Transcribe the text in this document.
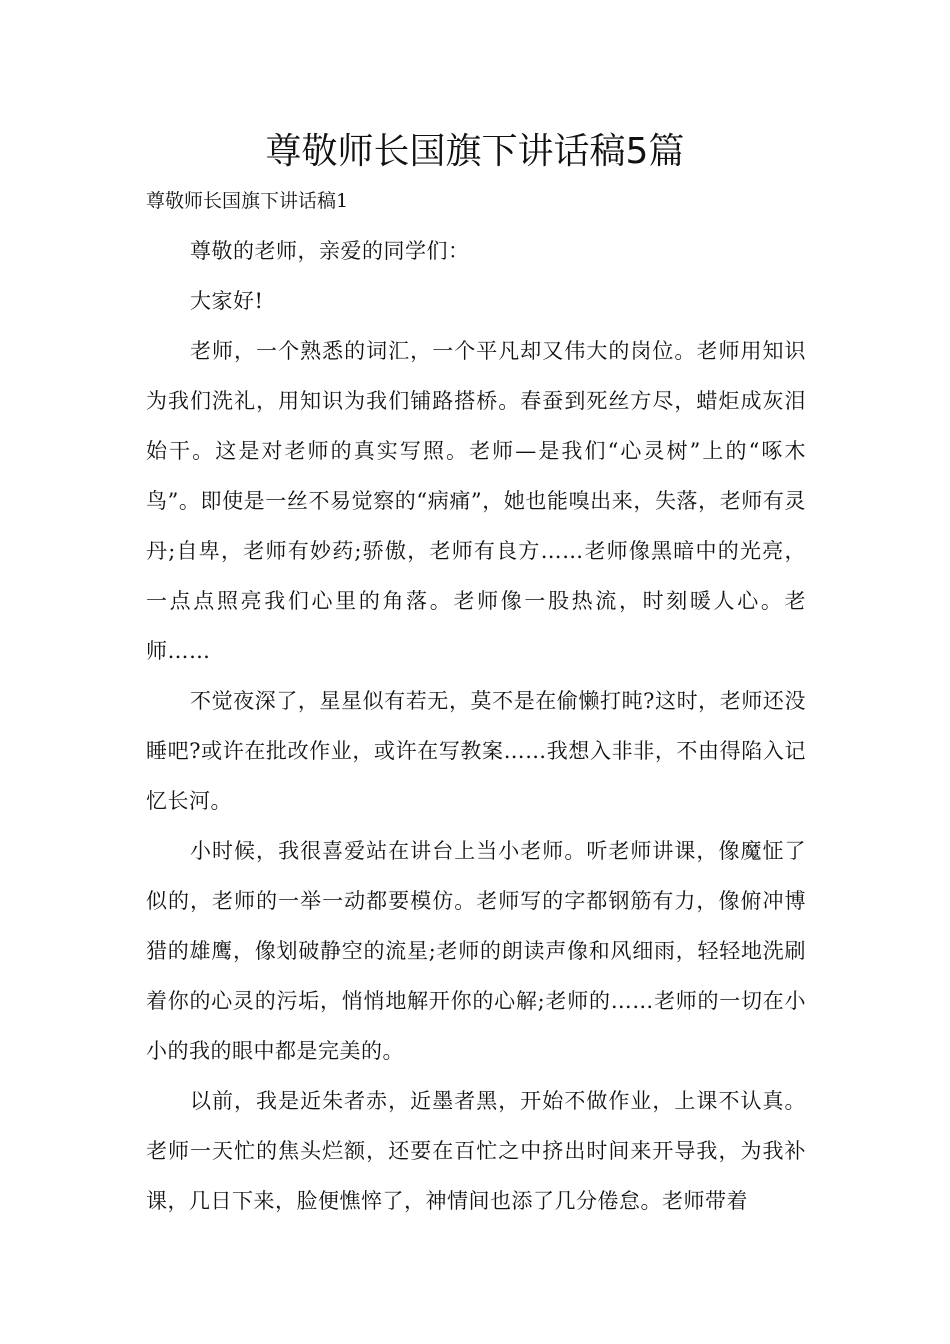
尊敬师长国旗下讲话稿5篇

尊敬师长国旗下讲话稿1

尊敬的老师，亲爱的同学们：

大家好!

老师，一个熟悉的词汇，一个平凡却又伟大的岗位。老师用知识为我们洗礼，用知识为我们铺路搭桥。春蚕到死丝方尽，蜡炬成灰泪始干。这是对老师的真实写照。老师—是我们“心灵树”上的“啄木鸟”。即使是一丝不易觉察的“病痛”，她也能嗅出来，失落，老师有灵丹;自卑，老师有妙药;骄傲，老师有良方……老师像黑暗中的光亮，一点点照亮我们心里的角落。老师像一股热流，时刻暖人心。老师……

不觉夜深了，星星似有若无，莫不是在偷懒打盹?这时，老师还没睡吧?或许在批改作业，或许在写教案……我想入非非，不由得陷入记忆长河。

小时候，我很喜爱站在讲台上当小老师。听老师讲课，像魔怔了似的，老师的一举一动都要模仿。老师写的字都钢筋有力，像俯冲博猎的雄鹰，像划破静空的流星;老师的朗读声像和风细雨，轻轻地洗刷着你的心灵的污垢，悄悄地解开你的心解;老师的……老师的一切在小小的我的眼中都是完美的。

以前，我是近朱者赤，近墨者黑，开始不做作业，上课不认真。老师一天忙的焦头烂额，还要在百忙之中挤出时间来开导我，为我补课，几日下来，脸便憔悴了，神情间也添了几分倦怠。老师带着
